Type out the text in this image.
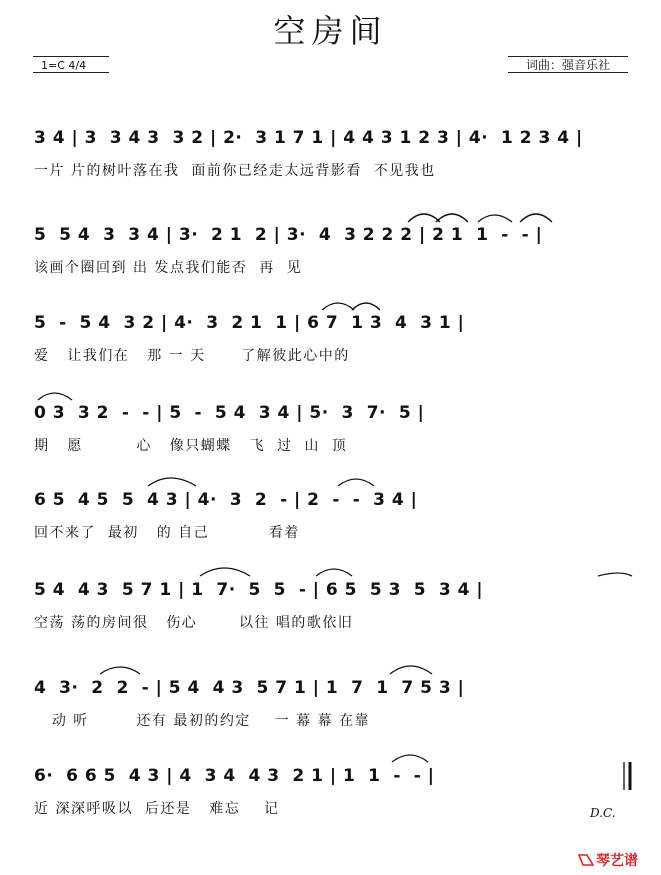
空房间
1=C 4/4	词曲：强音乐社
3 4 | 3  3 4 3  3 2 | 2·  3 1 7 1 | 4 4 3 1 2 3 | 4·  1 2 3 4 |
一片 片的树叶落在我  面前你已经走太远背影看  不见我也
5  5 4  3  3 4 | 3·  2 1  2 | 3·  4  3 2 2 2 | 2 1  1  -  - |
该画个圈回到 出 发点我们能否  再  见
5  -  5 4  3 2 | 4·  3  2 1  1 | 6 7  1 3  4  3 1 |
爱   让我们在   那 一 天      了解彼此心中的
0 3  3 2  -  - | 5  -  5 4  3 4 | 5·  3  7·  5 |
期   愿         心   像只蝴蝶   飞  过  山  顶
6 5  4 5  5  4 3 | 4·  3  2  - | 2  -  -  3 4 |
回不来了  最初   的 自己          看着
5 4  4 3  5 7 1 | 1  7·  5  5  - | 6 5  5 3  5  3 4 |
空荡 荡的房间很   伤心       以往 唱的歌依旧
4  3·  2  2  - | 5 4  4 3  5 7 1 | 1  7  1  7 5 3 |
动 听        还有 最初的约定    一 幕 幕 在靠
6·  6 6 5  4 3 | 4  3 4  4 3  2 1 | 1  1  -  - |
近 深深呼吸以  后还是   难忘    记	D.C.
琴艺谱
